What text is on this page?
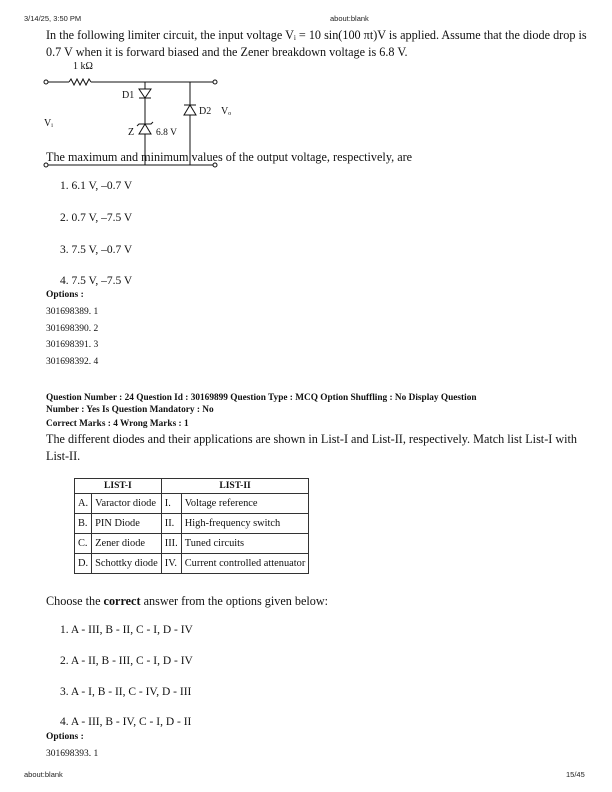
3/14/25, 3:50 PM	about:blank
In the following limiter circuit, the input voltage Vᵢ = 10 sin(100 πt)V is applied. Assume that the diode drop is 0.7 V when it is forward biased and the Zener breakdown voltage is 6.8 V.
1 kΩ
Vᵢ
D1
Z 6.8 V
D2 Vₒ
The maximum and minimum values of the output voltage, respectively, are
1. 6.1 V, –0.7 V
2. 0.7 V, –7.5 V
3. 7.5 V, –0.7 V
4. 7.5 V, –7.5 V
Options :
301698389. 1
301698390. 2
301698391. 3
301698392. 4
Question Number : 24 Question Id : 30169899 Question Type : MCQ Option Shuffling : No Display Question
Number : Yes Is Question Mandatory : No
Correct Marks : 4 Wrong Marks : 1
The different diodes and their applications are shown in List-I and List-II, respectively. Match list List-I with List-II.
LIST-I		LIST-II	
A.	Varactor diode	I.	Voltage reference
B.	PIN Diode	II.	High-frequency switch
C.	Zener diode	III.	Tuned circuits
D.	Schottky diode	IV.	Current controlled attenuator
Choose the correct answer from the options given below:
1. A - III, B - II, C - I, D - IV
2. A - II, B - III, C - I, D - IV
3. A - I, B - II, C - IV, D - III
4. A - III, B - IV, C - I, D - II
Options :
301698393. 1
about:blank	15/45
